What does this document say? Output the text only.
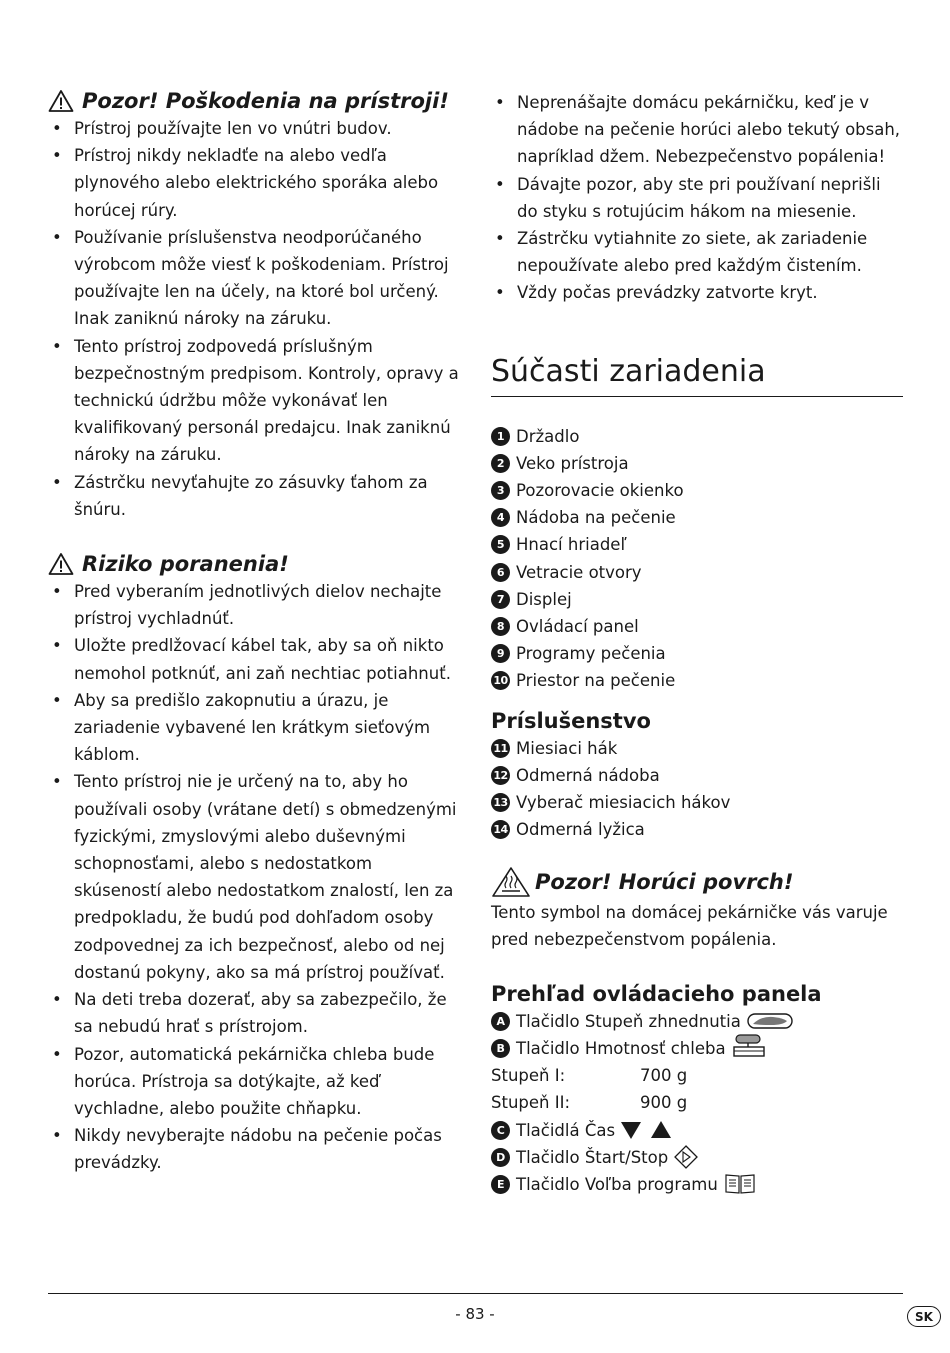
Pozor! Poškodenia na prístroji!
• Prístroj používajte len vo vnútri budov.
• Prístroj nikdy nekladťe na alebo vedľa plynového alebo elektrického sporáka alebo horúcej rúry.
• Používanie príslušenstva neodporúčaného výrobcom môže viesť k poškodeniam. Prístroj používajte len na účely, na ktoré bol určený. Inak zaniknú nároky na záruku.
• Tento prístroj zodpovedá príslušným bezpečnostným predpisom. Kontroly, opravy a technickú údržbu môže vykonávať len kvalifikovaný personál predajcu. Inak zaniknú nároky na záruku.
• Zástrčku nevyťahujte zo zásuvky ťahom za šnúru.
Riziko poranenia!
• Pred vyberaním jednotlivých dielov nechajte prístroj vychladnúť.
• Uložte predlžovací kábel tak, aby sa oň nikto nemohol potknúť, ani zaň nechtiac potiahnuť.
• Aby sa predišlo zakopnutiu a úrazu, je zariadenie vybavené len krátkym sieťovým káblom.
• Tento prístroj nie je určený na to, aby ho používali osoby (vrátane detí) s obmedzenými fyzickými, zmyslovými alebo duševnými schopnosťami, alebo s nedostatkom skúseností alebo nedostatkom znalostí, len za predpokladu, že budú pod dohľadom osoby zodpovednej za ich bezpečnosť, alebo od nej dostanú pokyny, ako sa má prístroj používať.
• Na deti treba dozerať, aby sa zabezpečilo, že sa nebudú hrať s prístrojom.
• Pozor, automatická pekárnička chleba bude horúca. Prístroja sa dotýkajte, až keď vychladne, alebo použite chňapku.
• Nikdy nevyberajte nádobu na pečenie počas prevádzky.
• Neprenášajte domácu pekárničku, keď je v nádobe na pečenie horúci alebo tekutý obsah, napríklad džem. Nebezpečenstvo popálenia!
• Dávajte pozor, aby ste pri používaní neprišli do styku s rotujúcim hákom na miesenie.
• Zástrčku vytiahnite zo siete, ak zariadenie nepoužívate alebo pred každým čistením.
• Vždy počas prevádzky zatvorte kryt.
Súčasti zariadenia
1 Držadlo
2 Veko prístroja
3 Pozorovacie okienko
4 Nádoba na pečenie
5 Hnací hriadeľ
6 Vetracie otvory
7 Displej
8 Ovládací panel
9 Programy pečenia
10 Priestor na pečenie
Príslušenstvo
11 Miesiaci hák
12 Odmerná nádoba
13 Vyberač miesiacich hákov
14 Odmerná lyžica
Pozor! Horúci povrch!
Tento symbol na domácej pekárničke vás varuje pred nebezpečenstvom popálenia.
Prehľad ovládacieho panela
A Tlačidlo Stupeň zhnednutia
B Tlačidlo Hmotnosť chleba
Stupeň I:	700 g
Stupeň II:	900 g
C Tlačidlá Čas
D Tlačidlo Štart/Stop
E Tlačidlo Voľba programu
- 83 -	SK
